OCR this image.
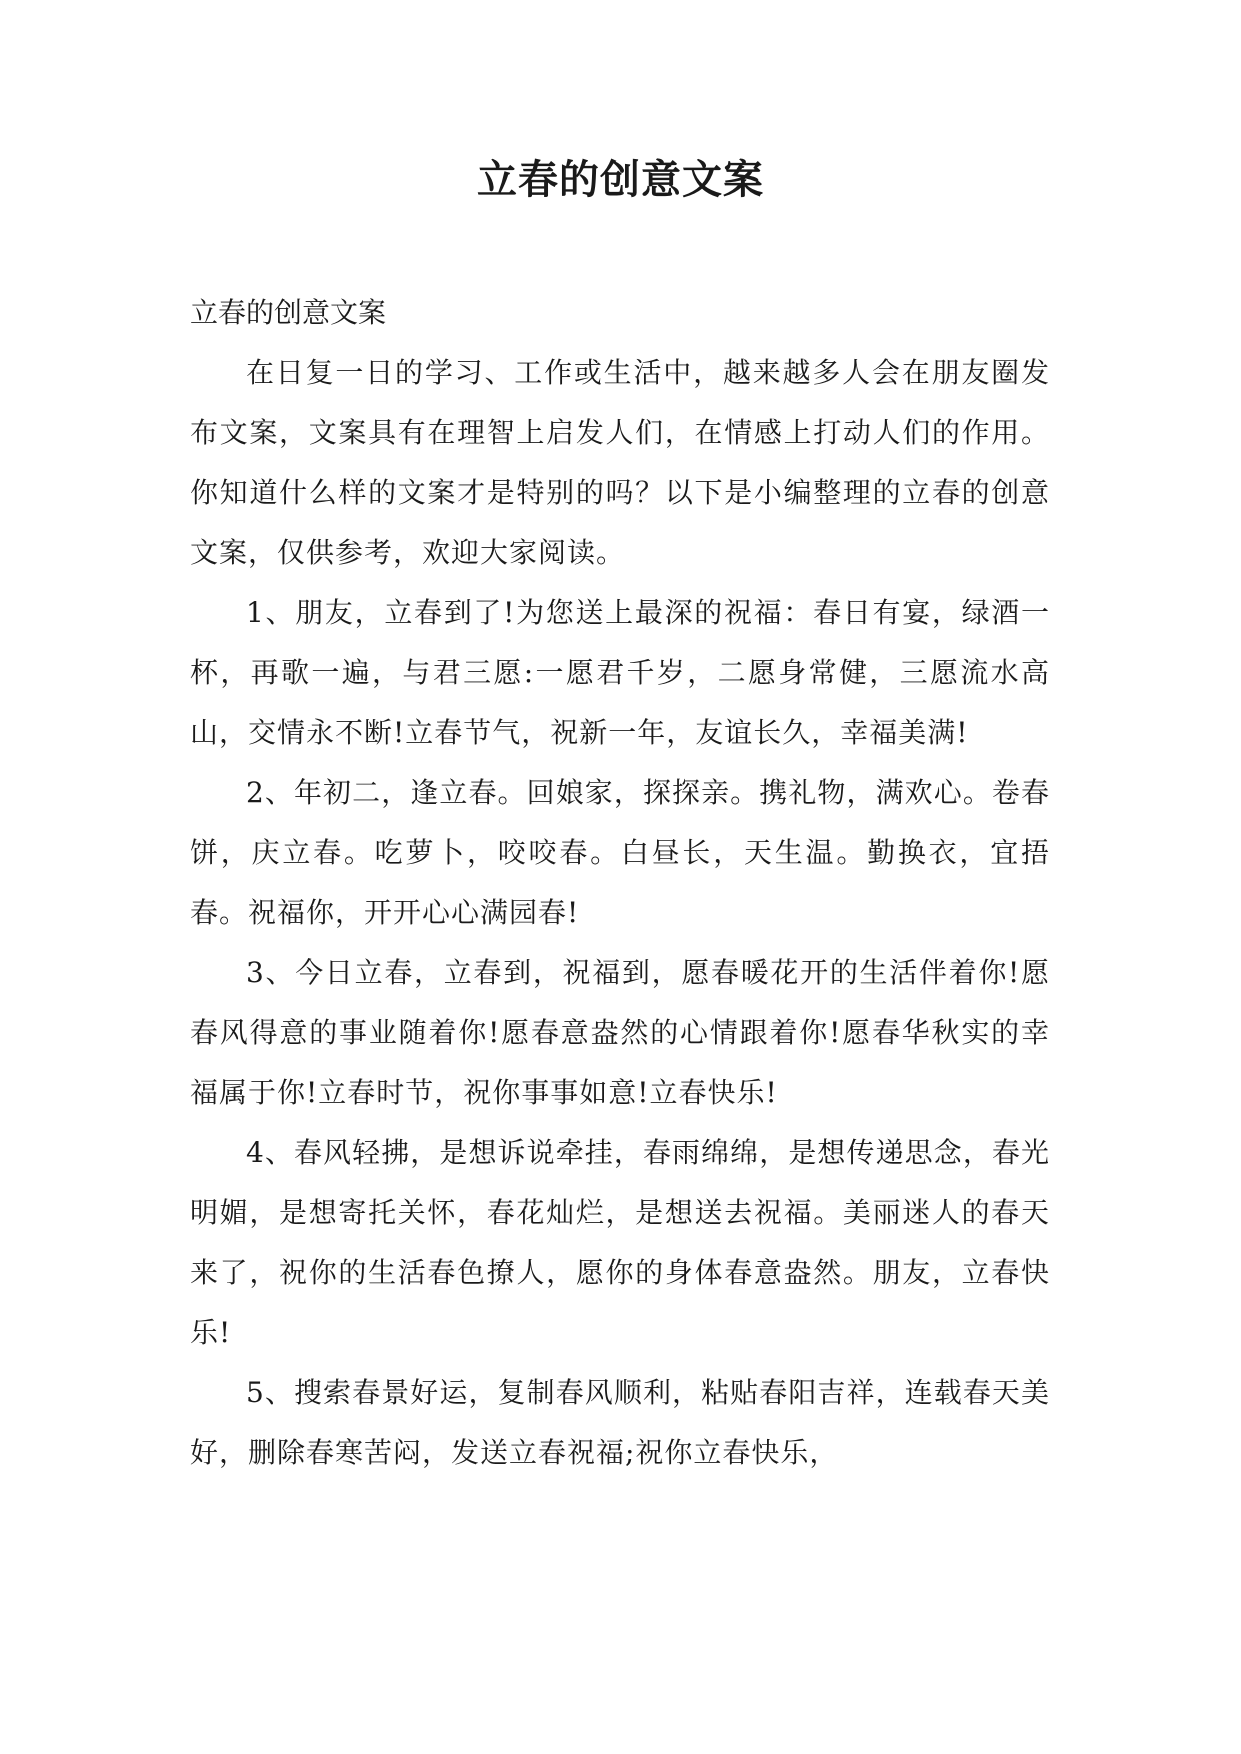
立春的创意文案

立春的创意文案

在日复一日的学习、工作或生活中，越来越多人会在朋友圈发布文案，文案具有在理智上启发人们，在情感上打动人们的作用。你知道什么样的文案才是特别的吗？以下是小编整理的立春的创意文案，仅供参考，欢迎大家阅读。

1、朋友，立春到了!为您送上最深的祝福：春日有宴，绿酒一杯，再歌一遍，与君三愿:一愿君千岁，二愿身常健，三愿流水高山，交情永不断!立春节气，祝新一年，友谊长久，幸福美满!

2、年初二，逢立春。回娘家，探探亲。携礼物，满欢心。卷春饼，庆立春。吃萝卜，咬咬春。白昼长，天生温。勤换衣，宜捂春。祝福你，开开心心满园春!

3、今日立春，立春到，祝福到，愿春暖花开的生活伴着你!愿春风得意的事业随着你!愿春意盎然的心情跟着你!愿春华秋实的幸福属于你!立春时节，祝你事事如意!立春快乐!

4、春风轻拂，是想诉说牵挂，春雨绵绵，是想传递思念，春光明媚，是想寄托关怀，春花灿烂，是想送去祝福。美丽迷人的春天来了，祝你的生活春色撩人，愿你的身体春意盎然。朋友，立春快乐!

5、搜索春景好运，复制春风顺利，粘贴春阳吉祥，连载春天美好，删除春寒苦闷，发送立春祝福;祝你立春快乐，
